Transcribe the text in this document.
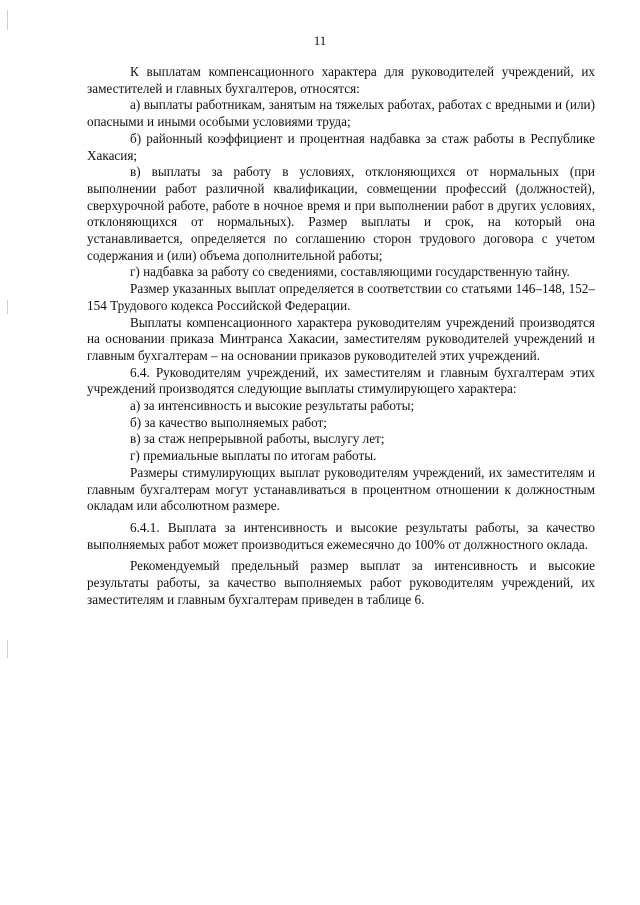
11

К выплатам компенсационного характера для руководителей учреждений, их заместителей и главных бухгалтеров, относятся:

а) выплаты работникам, занятым на тяжелых работах, работах с вредными и (или) опасными и иными особыми условиями труда;

б) районный коэффициент и процентная надбавка за стаж работы в Республике Хакасия;

в) выплаты за работу в условиях, отклоняющихся от нормальных (при выполнении работ различной квалификации, совмещении профессий (должностей), сверхурочной работе, работе в ночное время и при выполнении работ в других условиях, отклоняющихся от нормальных). Размер выплаты и срок, на который она устанавливается, определяется по соглашению сторон трудового договора с учетом содержания и (или) объема дополнительной работы;

г) надбавка за работу со сведениями, составляющими государственную тайну.

Размер указанных выплат определяется в соответствии со статьями 146–148, 152–154 Трудового кодекса Российской Федерации.

Выплаты компенсационного характера руководителям учреждений производятся на основании приказа Минтранса Хакасии, заместителям руководителей учреждений и главным бухгалтерам – на основании приказов руководителей этих учреждений.

6.4. Руководителям учреждений, их заместителям и главным бухгалтерам этих учреждений производятся следующие выплаты стимулирующего характера:

а) за интенсивность и высокие результаты работы;

б) за качество выполняемых работ;

в) за стаж непрерывной работы, выслугу лет;

г) премиальные выплаты по итогам работы.

Размеры стимулирующих выплат руководителям учреждений, их заместителям и главным бухгалтерам могут устанавливаться в процентном отношении к должностным окладам или абсолютном размере.

6.4.1. Выплата за интенсивность и высокие результаты работы, за качество выполняемых работ может производиться ежемесячно до 100% от должностного оклада.

Рекомендуемый предельный размер выплат за интенсивность и высокие результаты работы, за качество выполняемых работ руководителям учреждений, их заместителям и главным бухгалтерам приведен в таблице 6.
